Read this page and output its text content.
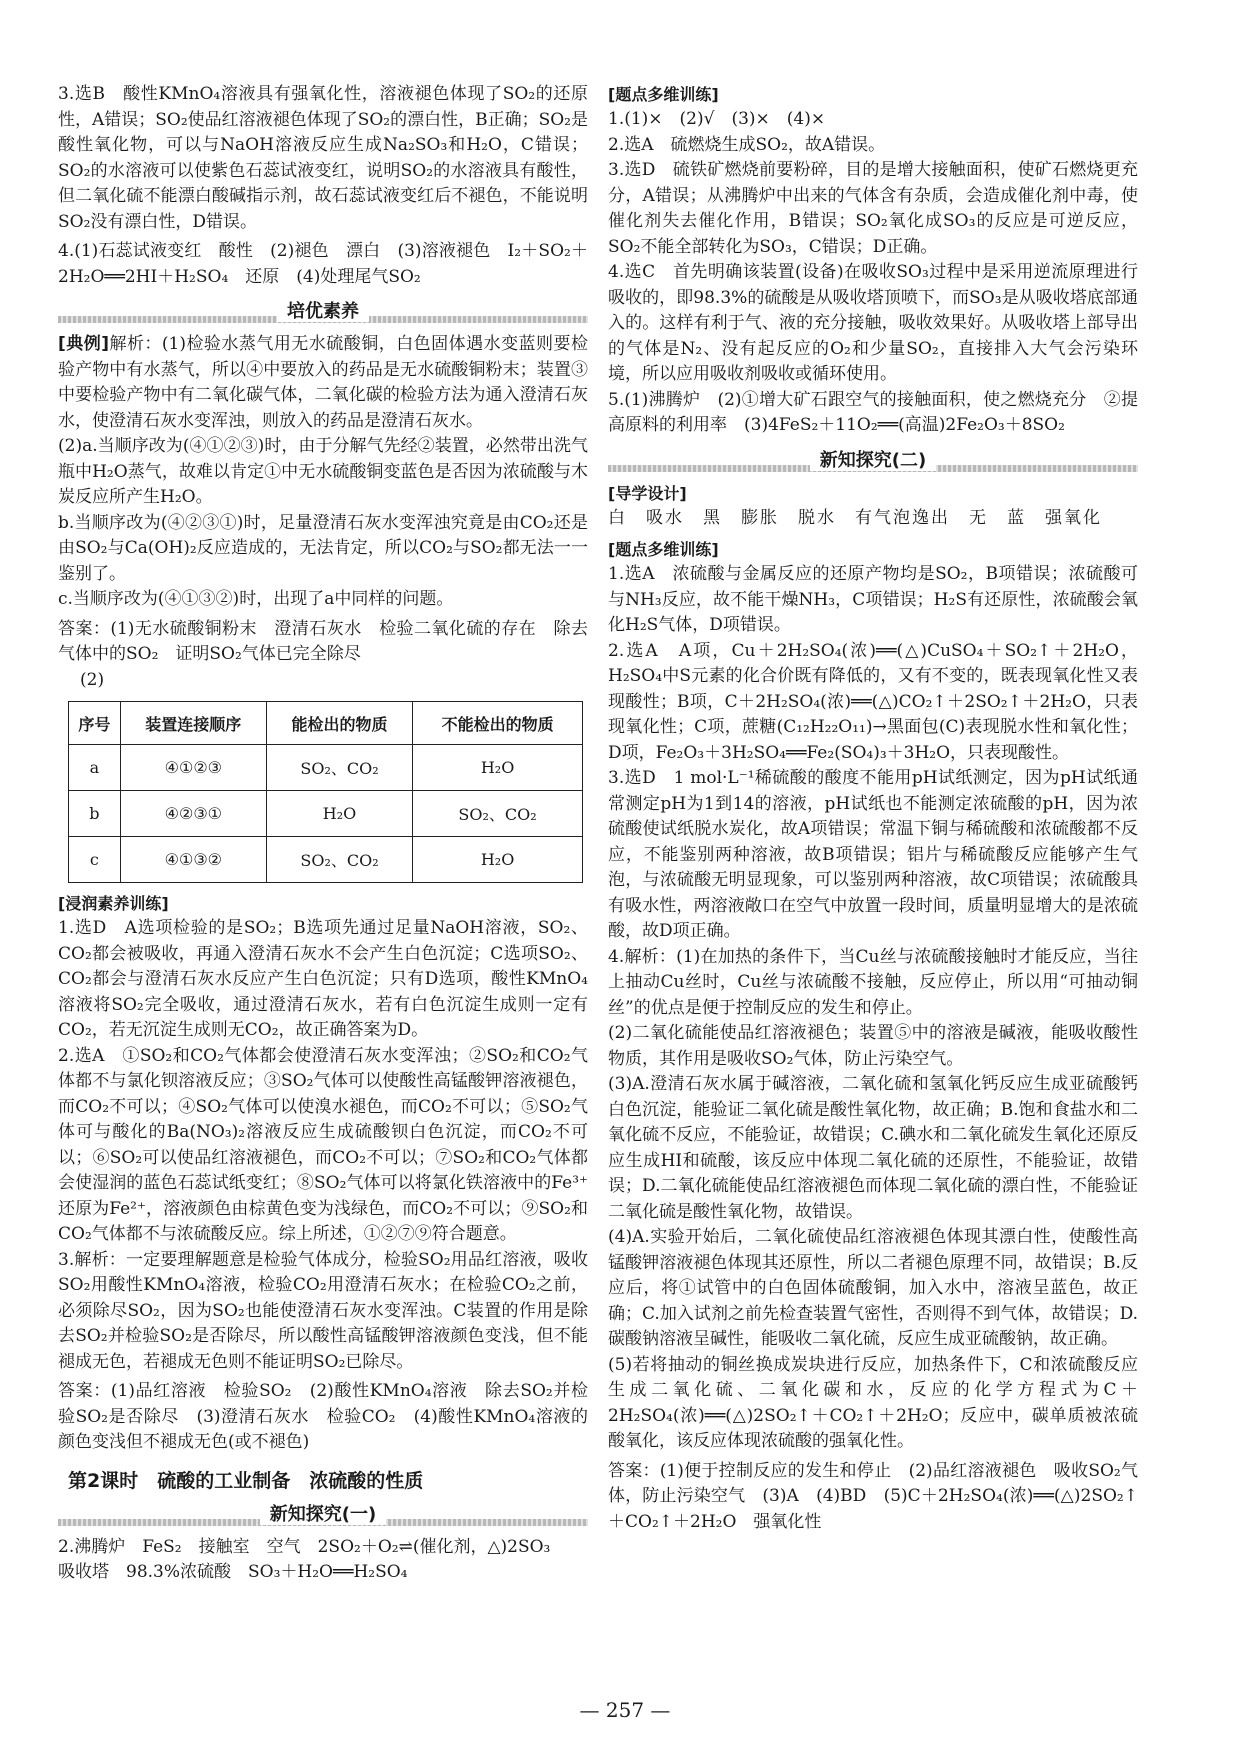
3.选B　酸性KMnO₄溶液具有强氧化性，溶液褪色体现了SO₂的还原性，A错误；SO₂使品红溶液褪色体现了SO₂的漂白性，B正确；SO₂是酸性氧化物，可以与NaOH溶液反应生成Na₂SO₃和H₂O，C错误；SO₂的水溶液可以使紫色石蕊试液变红，说明SO₂的水溶液具有酸性，但二氧化硫不能漂白酸碱指示剂，故石蕊试液变红后不褪色，不能说明SO₂没有漂白性，D错误。

4.(1)石蕊试液变红　酸性　(2)褪色　漂白　(3)溶液褪色　I₂＋SO₂＋2H₂O══2HI＋H₂SO₄　还原　(4)处理尾气SO₂

培优素养

[典例]解析：(1)检验水蒸气用无水硫酸铜，白色固体遇水变蓝则要检验产物中有水蒸气，所以④中要放入的药品是无水硫酸铜粉末；装置③中要检验产物中有二氧化碳气体，二氧化碳的检验方法为通入澄清石灰水，使澄清石灰水变浑浊，则放入的药品是澄清石灰水。

(2)a.当顺序改为(④①②③)时，由于分解气先经②装置，必然带出洗气瓶中H₂O蒸气，故难以肯定①中无水硫酸铜变蓝色是否因为浓硫酸与木炭反应所产生H₂O。

b.当顺序改为(④②③①)时，足量澄清石灰水变浑浊究竟是由CO₂还是由SO₂与Ca(OH)₂反应造成的，无法肯定，所以CO₂与SO₂都无法一一鉴别了。

c.当顺序改为(④①③②)时，出现了a中同样的问题。

答案：(1)无水硫酸铜粉末　澄清石灰水　检验二氧化硫的存在　除去气体中的SO₂　证明SO₂气体已完全除尽

(2)

序号	装置连接顺序	能检出的物质	不能检出的物质
a	④①②③	SO₂、CO₂	H₂O
b	④②③①	H₂O	SO₂、CO₂
c	④①③②	SO₂、CO₂	H₂O
[浸润素养训练]

1.选D　A选项检验的是SO₂；B选项先通过足量NaOH溶液，SO₂、CO₂都会被吸收，再通入澄清石灰水不会产生白色沉淀；C选项SO₂、CO₂都会与澄清石灰水反应产生白色沉淀；只有D选项，酸性KMnO₄溶液将SO₂完全吸收，通过澄清石灰水，若有白色沉淀生成则一定有CO₂，若无沉淀生成则无CO₂，故正确答案为D。

2.选A　①SO₂和CO₂气体都会使澄清石灰水变浑浊；②SO₂和CO₂气体都不与氯化钡溶液反应；③SO₂气体可以使酸性高锰酸钾溶液褪色，而CO₂不可以；④SO₂气体可以使溴水褪色，而CO₂不可以；⑤SO₂气体可与酸化的Ba(NO₃)₂溶液反应生成硫酸钡白色沉淀，而CO₂不可以；⑥SO₂可以使品红溶液褪色，而CO₂不可以；⑦SO₂和CO₂气体都会使湿润的蓝色石蕊试纸变红；⑧SO₂气体可以将氯化铁溶液中的Fe³⁺还原为Fe²⁺，溶液颜色由棕黄色变为浅绿色，而CO₂不可以；⑨SO₂和CO₂气体都不与浓硫酸反应。综上所述，①②⑦⑨符合题意。

3.解析：一定要理解题意是检验气体成分，检验SO₂用品红溶液，吸收SO₂用酸性KMnO₄溶液，检验CO₂用澄清石灰水；在检验CO₂之前，必须除尽SO₂，因为SO₂也能使澄清石灰水变浑浊。C装置的作用是除去SO₂并检验SO₂是否除尽，所以酸性高锰酸钾溶液颜色变浅，但不能褪成无色，若褪成无色则不能证明SO₂已除尽。

答案：(1)品红溶液　检验SO₂　(2)酸性KMnO₄溶液　除去SO₂并检验SO₂是否除尽　(3)澄清石灰水　检验CO₂　(4)酸性KMnO₄溶液的颜色变浅但不褪成无色(或不褪色)

第2课时　硫酸的工业制备　浓硫酸的性质
新知探究(一)

2.沸腾炉　FeS₂　接触室　空气　2SO₂＋O₂⇌(催化剂，△)2SO₃

吸收塔　98.3%浓硫酸　SO₃＋H₂O══H₂SO₄

[题点多维训练]

1.(1)×　(2)√　(3)×　(4)×

2.选A　硫燃烧生成SO₂，故A错误。

3.选D　硫铁矿燃烧前要粉碎，目的是增大接触面积，使矿石燃烧更充分，A错误；从沸腾炉中出来的气体含有杂质，会造成催化剂中毒，使催化剂失去催化作用，B错误；SO₂氧化成SO₃的反应是可逆反应，SO₂不能全部转化为SO₃，C错误；D正确。

4.选C　首先明确该装置(设备)在吸收SO₃过程中是采用逆流原理进行吸收的，即98.3%的硫酸是从吸收塔顶喷下，而SO₃是从吸收塔底部通入的。这样有利于气、液的充分接触，吸收效果好。从吸收塔上部导出的气体是N₂、没有起反应的O₂和少量SO₂，直接排入大气会污染环境，所以应用吸收剂吸收或循环使用。

5.(1)沸腾炉　(2)①增大矿石跟空气的接触面积，使之燃烧充分　②提高原料的利用率　(3)4FeS₂＋11O₂══(高温)2Fe₂O₃＋8SO₂

新知探究(二)
[导学设计]

白　吸水　黑　膨胀　脱水　有气泡逸出　无　蓝　强氧化

[题点多维训练]

1.选A　浓硫酸与金属反应的还原产物均是SO₂，B项错误；浓硫酸可与NH₃反应，故不能干燥NH₃，C项错误；H₂S有还原性，浓硫酸会氧化H₂S气体，D项错误。

2.选A　A项，Cu＋2H₂SO₄(浓)══(△)CuSO₄＋SO₂↑＋2H₂O，H₂SO₄中S元素的化合价既有降低的，又有不变的，既表现氧化性又表现酸性；B项，C＋2H₂SO₄(浓)══(△)CO₂↑＋2SO₂↑＋2H₂O，只表现氧化性；C项，蔗糖(C₁₂H₂₂O₁₁)→黑面包(C)表现脱水性和氧化性；D项，Fe₂O₃＋3H₂SO₄══Fe₂(SO₄)₃＋3H₂O，只表现酸性。

3.选D　1 mol·L⁻¹稀硫酸的酸度不能用pH试纸测定，因为pH试纸通常测定pH为1到14的溶液，pH试纸也不能测定浓硫酸的pH，因为浓硫酸使试纸脱水炭化，故A项错误；常温下铜与稀硫酸和浓硫酸都不反应，不能鉴别两种溶液，故B项错误；铝片与稀硫酸反应能够产生气泡，与浓硫酸无明显现象，可以鉴别两种溶液，故C项错误；浓硫酸具有吸水性，两溶液敞口在空气中放置一段时间，质量明显增大的是浓硫酸，故D项正确。

4.解析：(1)在加热的条件下，当Cu丝与浓硫酸接触时才能反应，当往上抽动Cu丝时，Cu丝与浓硫酸不接触，反应停止，所以用“可抽动铜丝”的优点是便于控制反应的发生和停止。

(2)二氧化硫能使品红溶液褪色；装置⑤中的溶液是碱液，能吸收酸性物质，其作用是吸收SO₂气体，防止污染空气。

(3)A.澄清石灰水属于碱溶液，二氧化硫和氢氧化钙反应生成亚硫酸钙白色沉淀，能验证二氧化硫是酸性氧化物，故正确；B.饱和食盐水和二氧化硫不反应，不能验证，故错误；C.碘水和二氧化硫发生氧化还原反应生成HI和硫酸，该反应中体现二氧化硫的还原性，不能验证，故错误；D.二氧化硫能使品红溶液褪色而体现二氧化硫的漂白性，不能验证二氧化硫是酸性氧化物，故错误。

(4)A.实验开始后，二氧化硫使品红溶液褪色体现其漂白性，使酸性高锰酸钾溶液褪色体现其还原性，所以二者褪色原理不同，故错误；B.反应后，将①试管中的白色固体硫酸铜，加入水中，溶液呈蓝色，故正确；C.加入试剂之前先检查装置气密性，否则得不到气体，故错误；D.碳酸钠溶液呈碱性，能吸收二氧化硫，反应生成亚硫酸钠，故正确。

(5)若将抽动的铜丝换成炭块进行反应，加热条件下，C和浓硫酸反应生成二氧化硫、二氧化碳和水，反应的化学方程式为C＋2H₂SO₄(浓)══(△)2SO₂↑＋CO₂↑＋2H₂O；反应中，碳单质被浓硫酸氧化，该反应体现浓硫酸的强氧化性。

答案：(1)便于控制反应的发生和停止　(2)品红溶液褪色　吸收SO₂气体，防止污染空气　(3)A　(4)BD　(5)C＋2H₂SO₄(浓)══(△)2SO₂↑＋CO₂↑＋2H₂O　强氧化性

— 257 —
